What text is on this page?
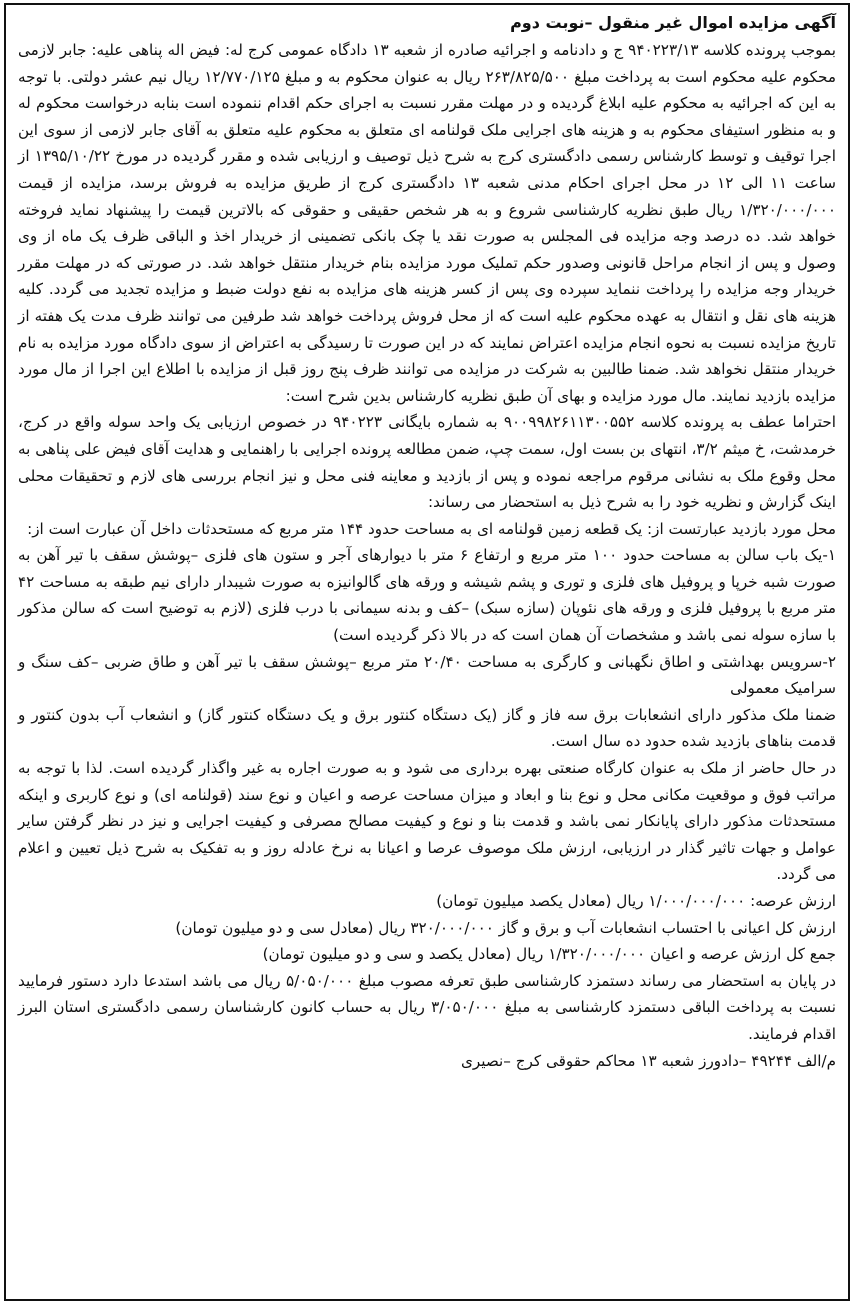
آگهی مزایده اموال غیر منقول –نوبت دوم

بموجب پرونده کلاسه ۹۴۰۲۲۳/۱۳ ج و دادنامه و اجرائیه صادره از شعبه ۱۳ دادگاه عمومی کرج له: فیض اله پناهی علیه: جابر لازمی محکوم علیه محکوم است به پرداخت مبلغ ۲۶۳/۸۲۵/۵۰۰ ریال به عنوان محکوم به و مبلغ ۱۲/۷۷۰/۱۲۵ ریال نیم عشر دولتی. با توجه به این که اجرائیه به محکوم علیه ابلاغ گردیده و در مهلت مقرر نسبت به اجرای حکم اقدام ننموده است بنابه درخواست محکوم له و به منظور استیفای محکوم به و هزینه های اجرایی ملک قولنامه ای متعلق به محکوم علیه متعلق به آقای جابر لازمی از سوی این اجرا توقیف و توسط کارشناس رسمی دادگستری کرج به شرح ذیل توصیف و ارزیابی شده و مقرر گردیده در مورخ ۱۳۹۵/۱۰/۲۲ از ساعت ۱۱ الی ۱۲ در محل اجرای احکام مدنی شعبه ۱۳ دادگستری کرج از طریق مزایده به فروش برسد، مزایده از قیمت ۱/۳۲۰/۰۰۰/۰۰۰ ریال طبق نظریه کارشناسی شروع و به هر شخص حقیقی و حقوقی که بالاترین قیمت را پیشنهاد نماید فروخته خواهد شد. ده درصد وجه مزایده فی المجلس به صورت نقد یا چک بانکی تضمینی از خریدار اخذ و الباقی ظرف یک ماه از وی وصول و پس از انجام مراحل قانونی وصدور حکم تملیک مورد مزایده بنام خریدار منتقل خواهد شد. در صورتی که در مهلت مقرر خریدار وجه مزایده را پرداخت ننماید سپرده وی پس از کسر هزینه های مزایده به نفع دولت ضبط و مزایده تجدید می گردد. کلیه هزینه های نقل و انتقال به عهده محکوم علیه است که از محل فروش پرداخت خواهد شد طرفین می توانند ظرف مدت یک هفته از تاریخ مزایده نسبت به نحوه انجام مزایده اعتراض نمایند که در این صورت تا رسیدگی به اعتراض از سوی دادگاه مورد مزایده به نام خریدار منتقل نخواهد شد. ضمنا طالبین به شرکت در مزایده می توانند ظرف پنج روز قبل از مزایده با اطلاع این اجرا از مال مورد مزایده بازدید نمایند. مال مورد مزایده و بهای آن طبق نظریه کارشناس بدین شرح است:

احتراما عطف به پرونده کلاسه ۹۰۰۹۹۸۲۶۱۱۳۰۰۵۵۲ به شماره بایگانی ۹۴۰۲۲۳ در خصوص ارزیابی یک واحد سوله واقع در کرج، خرمدشت، خ میثم ۳/۲، انتهای بن بست اول، سمت چپ، ضمن مطالعه پرونده اجرایی با راهنمایی و هدایت آقای فیض علی پناهی به محل وقوع ملک به نشانی مرقوم مراجعه نموده و پس از بازدید و معاینه فنی محل و نیز انجام بررسی های لازم و تحقیقات محلی اینک گزارش و نظریه خود را به شرح ذیل به استحضار می رساند:

محل مورد بازدید عبارتست از: یک قطعه زمین قولنامه ای به مساحت حدود ۱۴۴ متر مربع که مستحدثات داخل آن عبارت است از:

۱-یک باب سالن به مساحت حدود ۱۰۰ متر مربع و ارتفاع ۶ متر با دیوارهای آجر و ستون های فلزی –پوشش سقف با تیر آهن به صورت شبه خرپا و پروفیل های فلزی و توری و پشم شیشه و ورقه های گالوانیزه به صورت شیبدار دارای نیم طبقه به مساحت ۴۲ متر مربع با پروفیل فلزی و ورقه های نئوپان (سازه سبک) –کف و بدنه سیمانی با درب فلزی (لازم به توضیح است که سالن مذکور با سازه سوله نمی باشد و مشخصات آن همان است که در بالا ذکر گردیده است)

۲-سرویس بهداشتی و اطاق نگهبانی و کارگری به مساحت ۲۰/۴۰ متر مربع –پوشش سقف با تیر آهن و طاق ضربی –کف سنگ و سرامیک معمولی

ضمنا ملک مذکور دارای انشعابات برق سه فاز و گاز (یک دستگاه کنتور برق و یک دستگاه کنتور گاز) و انشعاب آب بدون کنتور و قدمت بناهای بازدید شده حدود ده سال است.

در حال حاضر از ملک به عنوان کارگاه صنعتی بهره برداری می شود و به صورت اجاره به غیر واگذار گردیده است. لذا با توجه به مراتب فوق و موقعیت مکانی محل و نوع بنا و ابعاد و میزان مساحت عرصه و اعیان و نوع سند (قولنامه ای) و نوع کاربری و اینکه مستحدثات مذکور دارای پایانکار نمی باشد و قدمت بنا و نوع و کیفیت مصالح مصرفی و کیفیت اجرایی و نیز در نظر گرفتن سایر عوامل و جهات تاثیر گذار در ارزیابی، ارزش ملک موصوف عرصا و اعیانا به نرخ عادله روز و به تفکیک به شرح ذیل تعیین و اعلام می گردد.

ارزش عرصه: ۱/۰۰۰/۰۰۰/۰۰۰ ریال (معادل یکصد میلیون تومان)

ارزش کل اعیانی با احتساب انشعابات آب و برق و گاز ۳۲۰/۰۰۰/۰۰۰ ریال (معادل سی و دو میلیون تومان)

جمع کل ارزش عرصه و اعیان ۱/۳۲۰/۰۰۰/۰۰۰ ریال (معادل یکصد و سی و دو میلیون تومان)

در پایان به استحضار می رساند دستمزد کارشناسی طبق تعرفه مصوب مبلغ ۵/۰۵۰/۰۰۰ ریال می باشد استدعا دارد دستور فرمایید نسبت به پرداخت الباقی دستمزد کارشناسی به مبلغ ۳/۰۵۰/۰۰۰ ریال به حساب کانون کارشناسان رسمی دادگستری استان البرز اقدام فرمایند.

م/الف ۴۹۲۴۴ –دادورز شعبه ۱۳ محاکم حقوقی کرج –نصیری
